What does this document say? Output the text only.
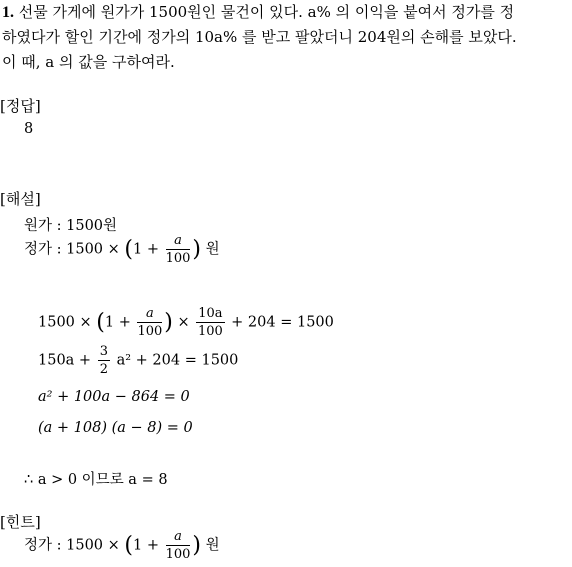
1. 선물 가게에 원가가 1500원인 물건이 있다. a% 의 이익을 붙여서 정가를 정
하였다가 할인 기간에 정가의 10a% 를 받고 팔았더니 204원의 손해를 보았다.
이 때, a 의 값을 구하여라.
[정답]
8
[해설]
원가 : 1500원
정가 : $1500 \times (1 + \frac{a}{100}$ ) 원
$1500 \times (1 + \frac{a}{100}$ ) × $\frac{10a}{100} + 204 = 1500$
$150a + \frac{3}{2} a^2 + 204 = 1500$
a² + 100a − 864 = 0
(a + 108) (a − 8) = 0
∴ a > 0 이므로 a = 8
[힌트]
정가 : $1500 \times (1 + \frac{a}{100}$ ) 원
